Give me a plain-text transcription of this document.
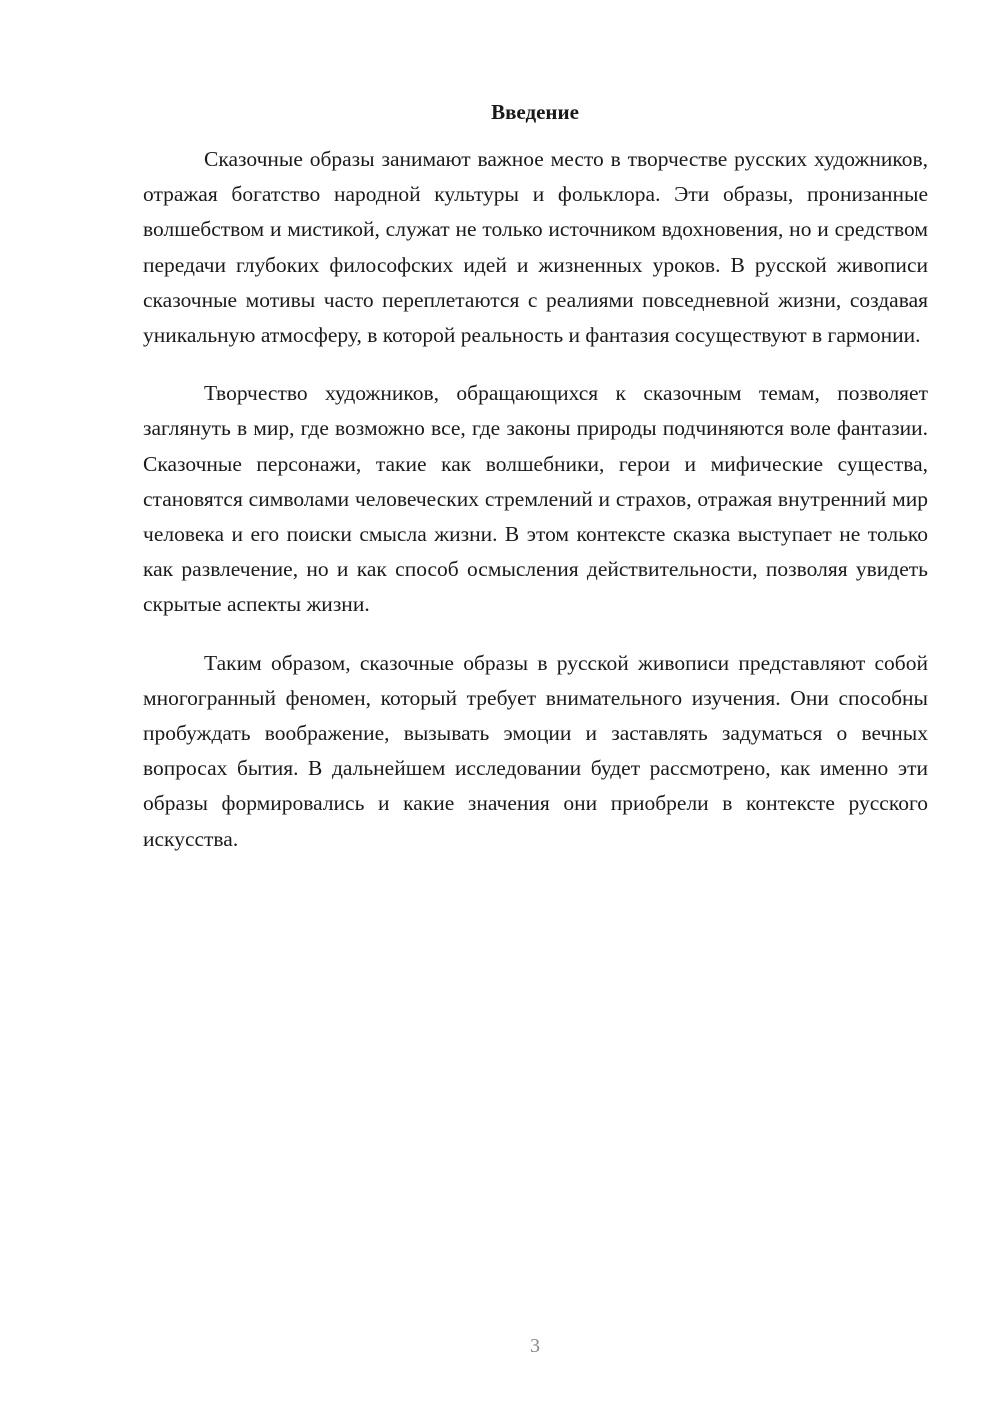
Введение

Сказочные образы занимают важное место в творчестве русских художников, отражая богатство народной культуры и фольклора. Эти образы, пронизанные волшебством и мистикой, служат не только источником вдохновения, но и средством передачи глубоких философских идей и жизненных уроков. В русской живописи сказочные мотивы часто переплетаются с реалиями повседневной жизни, создавая уникальную атмосферу, в которой реальность и фантазия сосуществуют в гармонии.

Творчество художников, обращающихся к сказочным темам, позволяет заглянуть в мир, где возможно все, где законы природы подчиняются воле фантазии. Сказочные персонажи, такие как волшебники, герои и мифические существа, становятся символами человеческих стремлений и страхов, отражая внутренний мир человека и его поиски смысла жизни. В этом контексте сказка выступает не только как развлечение, но и как способ осмысления действительности, позволяя увидеть скрытые аспекты жизни.

Таким образом, сказочные образы в русской живописи представляют собой многогранный феномен, который требует внимательного изучения. Они способны пробуждать воображение, вызывать эмоции и заставлять задуматься о вечных вопросах бытия. В дальнейшем исследовании будет рассмотрено, как именно эти образы формировались и какие значения они приобрели в контексте русского искусства.

3
